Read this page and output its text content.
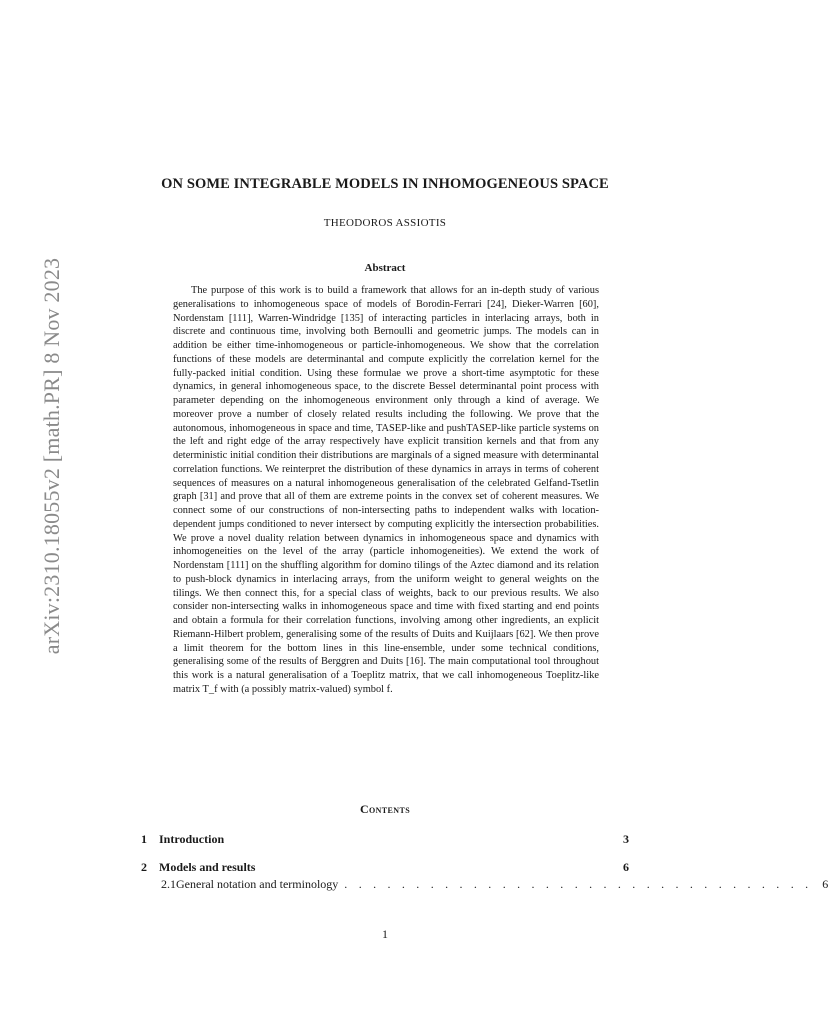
arXiv:2310.18055v2 [math.PR] 8 Nov 2023
ON SOME INTEGRABLE MODELS IN INHOMOGENEOUS SPACE
THEODOROS ASSIOTIS
Abstract
The purpose of this work is to build a framework that allows for an in-depth study of various generalisations to inhomogeneous space of models of Borodin-Ferrari [24], Dieker-Warren [60], Nordenstam [111], Warren-Windridge [135] of interacting particles in interlacing arrays, both in discrete and continuous time, involving both Bernoulli and geometric jumps. The models can in addition be either time-inhomogeneous or particle-inhomogeneous. We show that the correlation functions of these models are determinantal and compute explicitly the correlation kernel for the fully-packed initial condition. Using these formulae we prove a short-time asymptotic for these dynamics, in general inhomogeneous space, to the discrete Bessel determinantal point process with parameter depending on the inhomogeneous environment only through a kind of average. We moreover prove a number of closely related results including the following. We prove that the autonomous, inhomogeneous in space and time, TASEP-like and pushTASEP-like particle systems on the left and right edge of the array respectively have explicit transition kernels and that from any deterministic initial condition their distributions are marginals of a signed measure with determinantal correlation functions. We reinterpret the distribution of these dynamics in arrays in terms of coherent sequences of measures on a natural inhomogeneous generalisation of the celebrated Gelfand-Tsetlin graph [31] and prove that all of them are extreme points in the convex set of coherent measures. We connect some of our constructions of non-intersecting paths to independent walks with location-dependent jumps conditioned to never intersect by computing explicitly the intersection probabilities. We prove a novel duality relation between dynamics in inhomogeneous space and dynamics with inhomogeneities on the level of the array (particle inhomogeneities). We extend the work of Nordenstam [111] on the shuffling algorithm for domino tilings of the Aztec diamond and its relation to push-block dynamics in interlacing arrays, from the uniform weight to general weights on the tilings. We then connect this, for a special class of weights, back to our previous results. We also consider non-intersecting walks in inhomogeneous space and time with fixed starting and end points and obtain a formula for their correlation functions, involving among other ingredients, an explicit Riemann-Hilbert problem, generalising some of the results of Duits and Kuijlaars [62]. We then prove a limit theorem for the bottom lines in this line-ensemble, under some technical conditions, generalising some of the results of Berggren and Duits [16]. The main computational tool throughout this work is a natural generalisation of a Toeplitz matrix, that we call inhomogeneous Toeplitz-like matrix T_f with (a possibly matrix-valued) symbol f.
Contents
1	Introduction	3
2	Models and results	6
2.1 General notation and terminology . . . . . . . . . . . . . . . . . . . . . . . . . . . . . . . . . 6
1
